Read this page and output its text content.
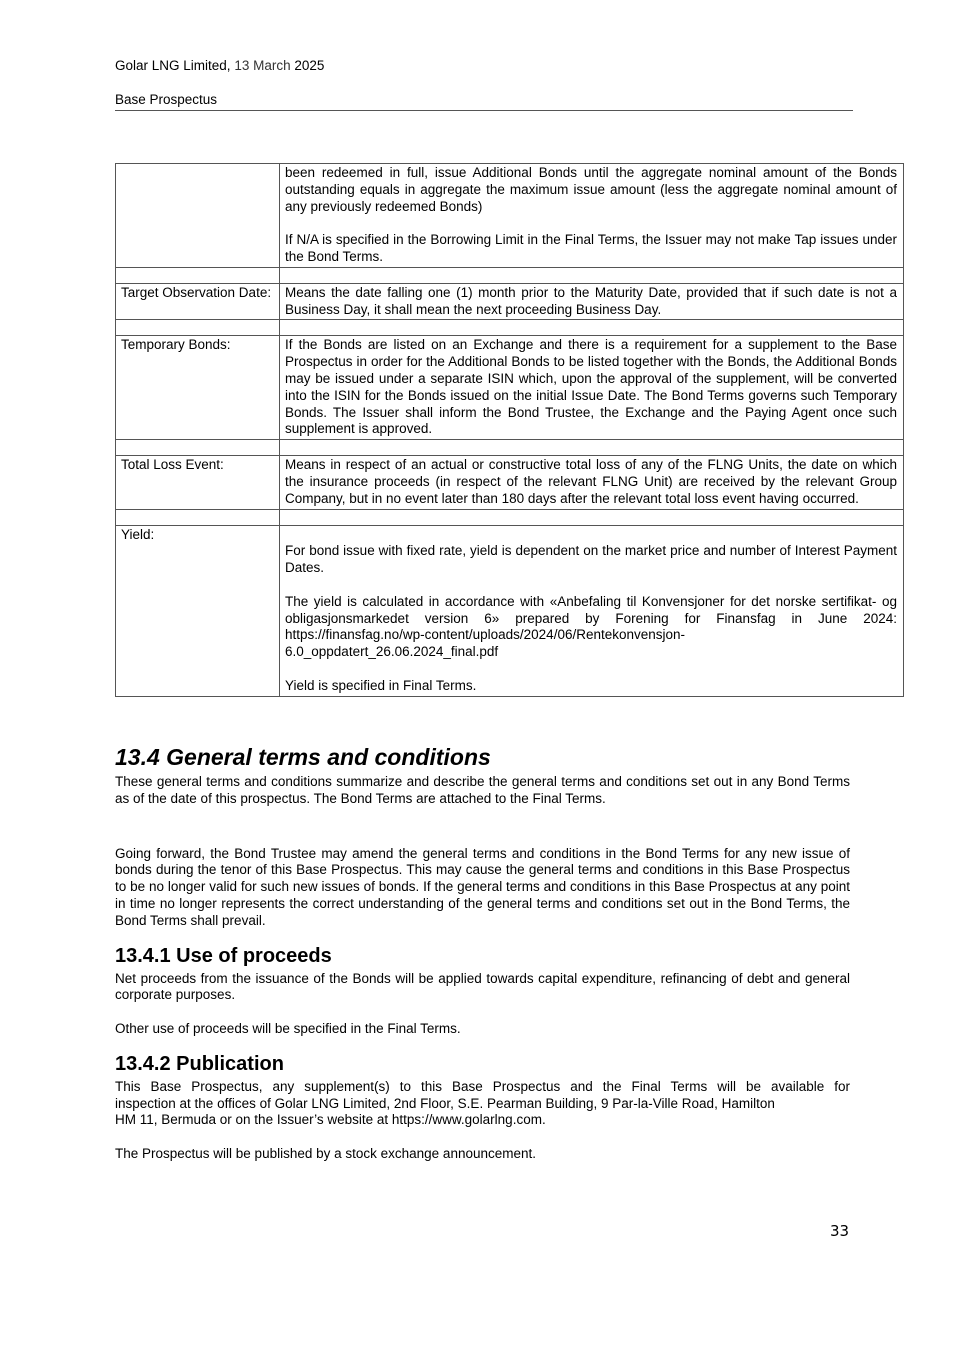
Golar LNG Limited, 13 March 2025
Base Prospectus

	been redeemed in full, issue Additional Bonds until the aggregate nominal amount of the Bonds outstanding equals in aggregate the maximum issue amount (less the aggregate nominal amount of any previously redeemed Bonds)

If N/A is specified in the Borrowing Limit in the Final Terms, the Issuer may not make Tap issues under the Bond Terms.

Target Observation Date:	Means the date falling one (1) month prior to the Maturity Date, provided that if such date is not a Business Day, it shall mean the next proceeding Business Day.

Temporary Bonds:	If the Bonds are listed on an Exchange and there is a requirement for a supplement to the Base Prospectus in order for the Additional Bonds to be listed together with the Bonds, the Additional Bonds may be issued under a separate ISIN which, upon the approval of the supplement, will be converted into the ISIN for the Bonds issued on the initial Issue Date. The Bond Terms governs such Temporary Bonds. The Issuer shall inform the Bond Trustee, the Exchange and the Paying Agent once such supplement is approved.

Total Loss Event:	Means in respect of an actual or constructive total loss of any of the FLNG Units, the date on which the insurance proceeds (in respect of the relevant FLNG Unit) are received by the relevant Group Company, but in no event later than 180 days after the relevant total loss event having occurred.

Yield:	For bond issue with fixed rate, yield is dependent on the market price and number of Interest Payment Dates.

The yield is calculated in accordance with «Anbefaling til Konvensjoner for det norske sertifikat- og obligasjonsmarkedet version 6» prepared by Forening for Finansfag in June 2024: https://finansfag.no/wp-content/uploads/2024/06/Rentekonvensjon-6.0_oppdatert_26.06.2024_final.pdf

Yield is specified in Final Terms.

13.4 General terms and conditions

These general terms and conditions summarize and describe the general terms and conditions set out in any Bond Terms as of the date of this prospectus. The Bond Terms are attached to the Final Terms.

Going forward, the Bond Trustee may amend the general terms and conditions in the Bond Terms for any new issue of bonds during the tenor of this Base Prospectus. This may cause the general terms and conditions in this Base Prospectus to be no longer valid for such new issues of bonds. If the general terms and conditions in this Base Prospectus at any point in time no longer represents the correct understanding of the general terms and conditions set out in the Bond Terms, the Bond Terms shall prevail.

13.4.1 Use of proceeds

Net proceeds from the issuance of the Bonds will be applied towards capital expenditure, refinancing of debt and general corporate purposes.

Other use of proceeds will be specified in the Final Terms.

13.4.2 Publication

This Base Prospectus, any supplement(s) to this Base Prospectus and the Final Terms will be available for
inspection at the offices of Golar LNG Limited, 2nd Floor, S.E. Pearman Building, 9 Par-la-Ville Road, Hamilton
HM 11, Bermuda or on the Issuer’s website at https://www.golarlng.com.

The Prospectus will be published by a stock exchange announcement.

33
